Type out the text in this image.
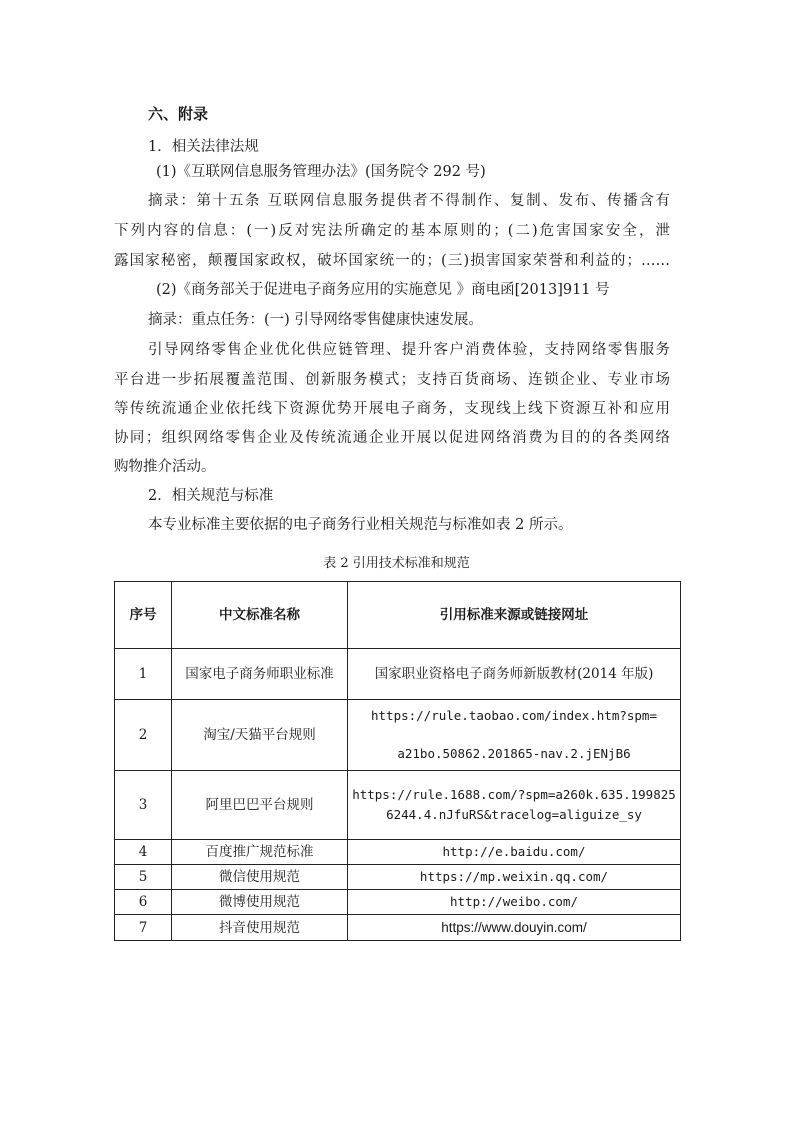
六、附录
1．相关法律法规
(1)《互联网信息服务管理办法》(国务院令 292 号)
摘录：第十五条 互联网信息服务提供者不得制作、复制、发布、传播含有
下列内容的信息：(一)反对宪法所确定的基本原则的；(二)危害国家安全，泄
露国家秘密，颠覆国家政权，破坏国家统一的；(三)损害国家荣誉和利益的；……
(2)《商务部关于促进电子商务应用的实施意见 》商电函[2013]911 号
摘录：重点任务：(一) 引导网络零售健康快速发展。
引导网络零售企业优化供应链管理、提升客户消费体验，支持网络零售服务
平台进一步拓展覆盖范围、创新服务模式；支持百货商场、连锁企业、专业市场
等传统流通企业依托线下资源优势开展电子商务，支现线上线下资源互补和应用
协同；组织网络零售企业及传统流通企业开展以促进网络消费为目的的各类网络
购物推介活动。
2．相关规范与标准
本专业标准主要依据的电子商务行业相关规范与标准如表 2 所示。
表 2 引用技术标准和规范
序号	中文标准名称	引用标准来源或链接网址
1	国家电子商务师职业标准	国家职业资格电子商务师新版教材(2014 年版)
2	淘宝/天猫平台规则	https://rule.taobao.com/index.htm?spm=
a21bo.50862.201865-nav.2.jENjB6

3	阿里巴巴平台规则	https://rule.1688.com/?spm=a260k.635.1998256244.4.nJfuRS&tracelog=aliguize_sy
4	百度推广规范标准	http://e.baidu.com/
5	微信使用规范	https://mp.weixin.qq.com/
6	微博使用规范	http://weibo.com/
7	抖音使用规范	https://www.douyin.com/
